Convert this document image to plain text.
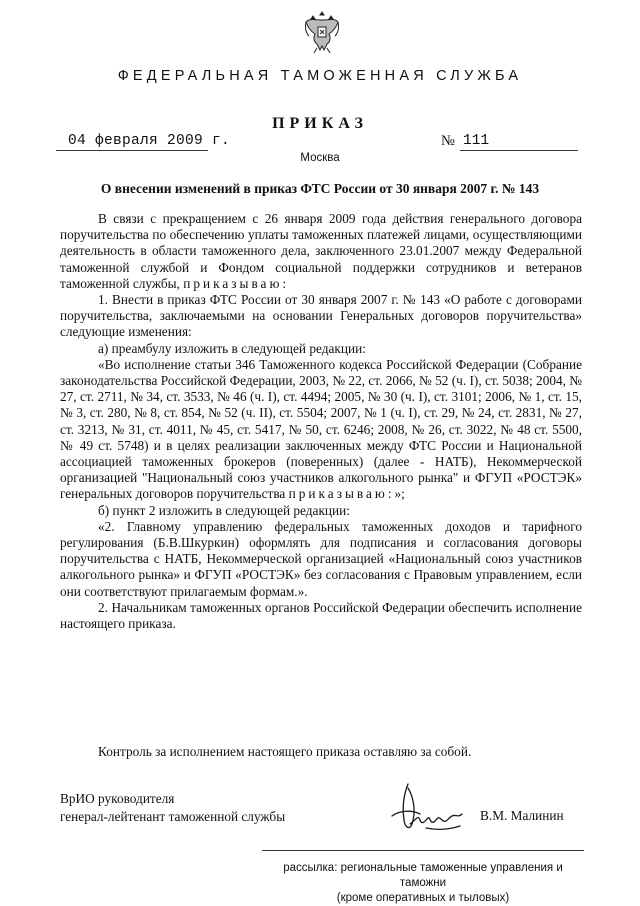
ФЕДЕРАЛЬНАЯ ТАМОЖЕННАЯ СЛУЖБА
ПРИКАЗ
04 февраля 2009 г.	№ 111
Москва
О внесении изменений в приказ ФТС России от 30 января 2007 г. № 143

В связи с прекращением с 26 января 2009 года действия генерального договора поручительства по обеспечению уплаты таможенных платежей лицами, осуществляющими деятельность в области таможенного дела, заключенного 23.01.2007 между Федеральной таможенной службой и Фондом социальной поддержки сотрудников и ветеранов таможенной службы, приказываю:

1. Внести в приказ ФТС России от 30 января 2007 г. № 143 «О работе с договорами поручительства, заключаемыми на основании Генеральных договоров поручительства» следующие изменения:

а) преамбулу изложить в следующей редакции:

«Во исполнение статьи 346 Таможенного кодекса Российской Федерации (Собрание законодательства Российской Федерации, 2003, № 22, ст. 2066, № 52 (ч. I), ст. 5038; 2004, № 27, ст. 2711, № 34, ст. 3533, № 46 (ч. I), ст. 4494; 2005, № 30 (ч. I), ст. 3101; 2006, № 1, ст. 15, № 3, ст. 280, № 8, ст. 854, № 52 (ч. II), ст. 5504; 2007, № 1 (ч. I), ст. 29, № 24, ст. 2831, № 27, ст. 3213, № 31, ст. 4011, № 45, ст. 5417, № 50, ст. 6246; 2008, № 26, ст. 3022, № 48 ст. 5500, № 49 ст. 5748) и в целях реализации заключенных между ФТС России и Национальной ассоциацией таможенных брокеров (поверенных) (далее - НАТБ), Некоммерческой организацией "Национальный союз участников алкогольного рынка" и ФГУП «РОСТЭК» генеральных договоров поручительства приказываю:»;

б) пункт 2 изложить в следующей редакции:

«2. Главному управлению федеральных таможенных доходов и тарифного регулирования (Б.В.Шкуркин) оформлять для подписания и согласования договоры поручительства с НАТБ, Некоммерческой организацией «Национальный союз участников алкогольного рынка» и ФГУП «РОСТЭК» без согласования с Правовым управлением, если они соответствуют прилагаемым формам.».

2. Начальникам таможенных органов Российской Федерации обеспечить исполнение настоящего приказа.

Контроль за исполнением настоящего приказа оставляю за собой.
ВрИО руководителя
генерал-лейтенант таможенной службы	В.М. Малинин
рассылка: региональные таможенные управления и таможни
(кроме оперативных и тыловых)
